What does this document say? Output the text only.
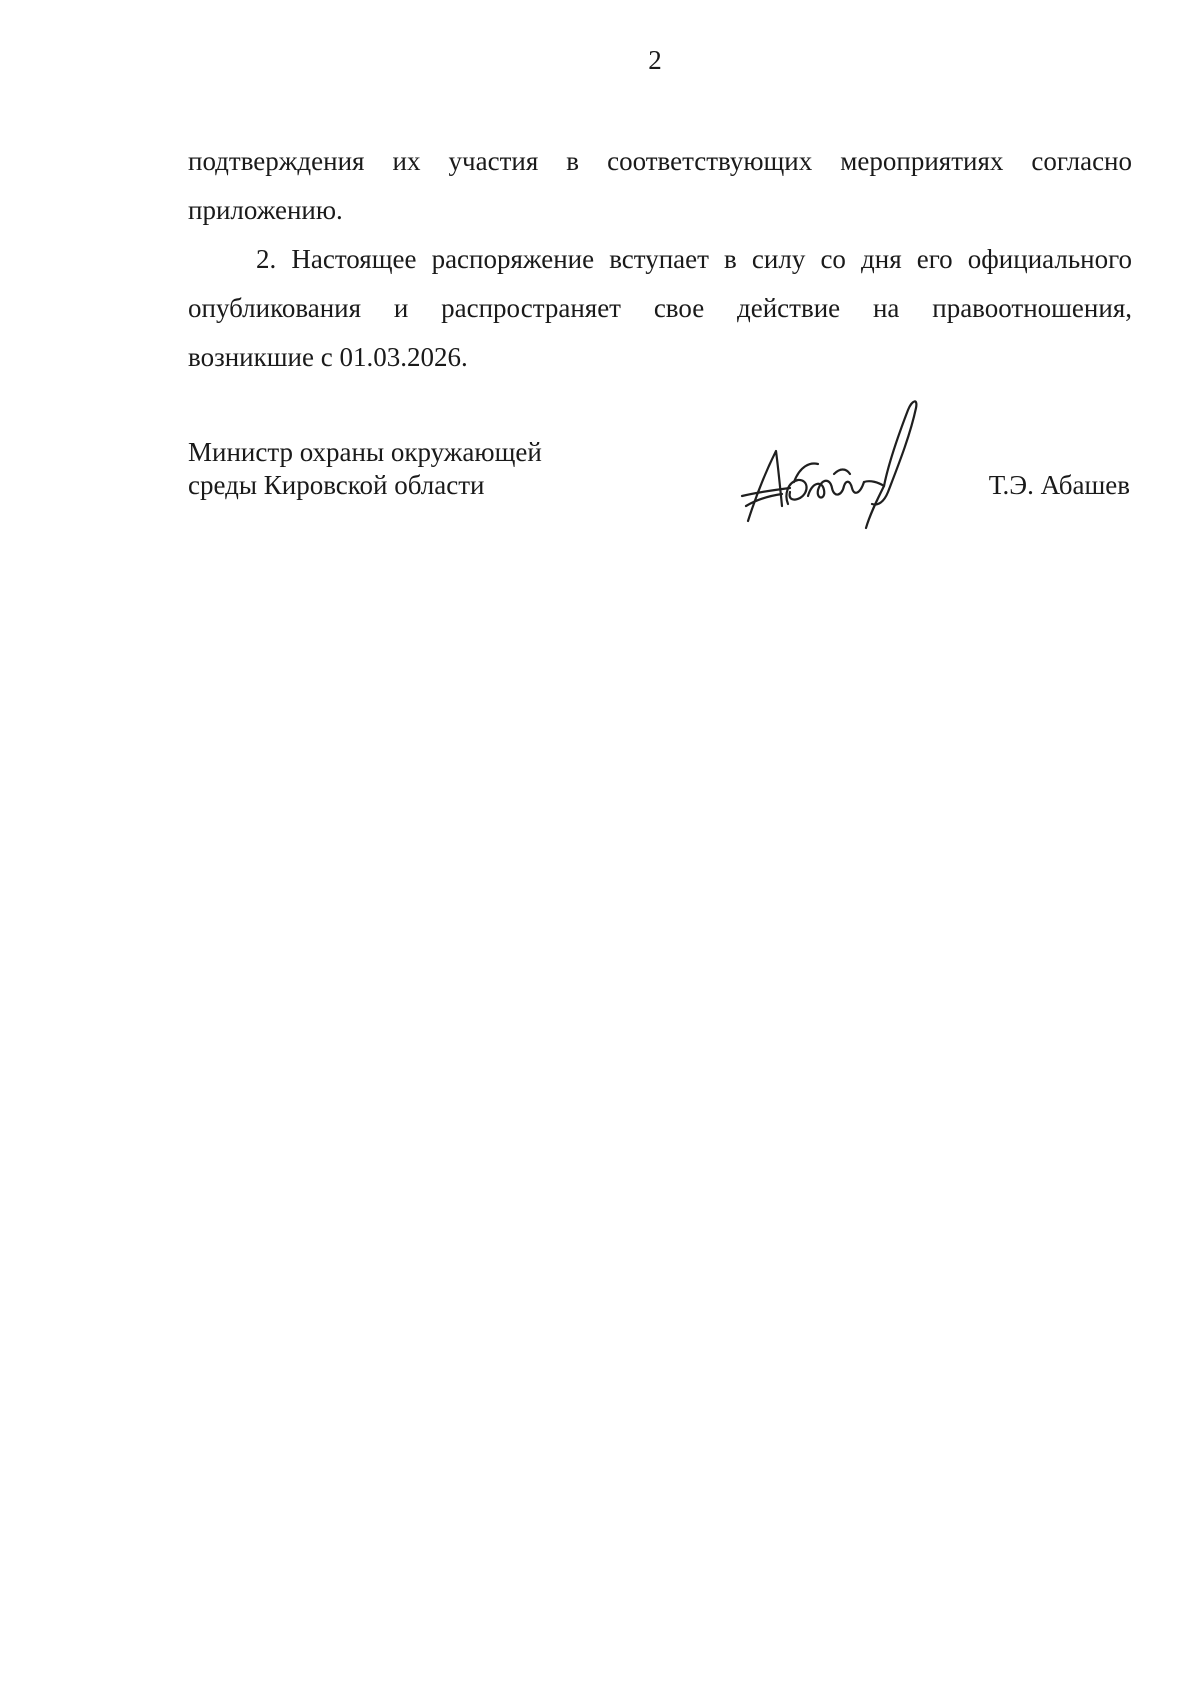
2

подтверждения их участия в соответствующих мероприятиях согласно

приложению.

2. Настоящее распоряжение вступает в силу со дня его официального

опубликования и распространяет свое действие на правоотношения,

возникшие с 01.03.2026.

Министр охраны окружающей
среды Кировской области	Т.Э. Абашев
